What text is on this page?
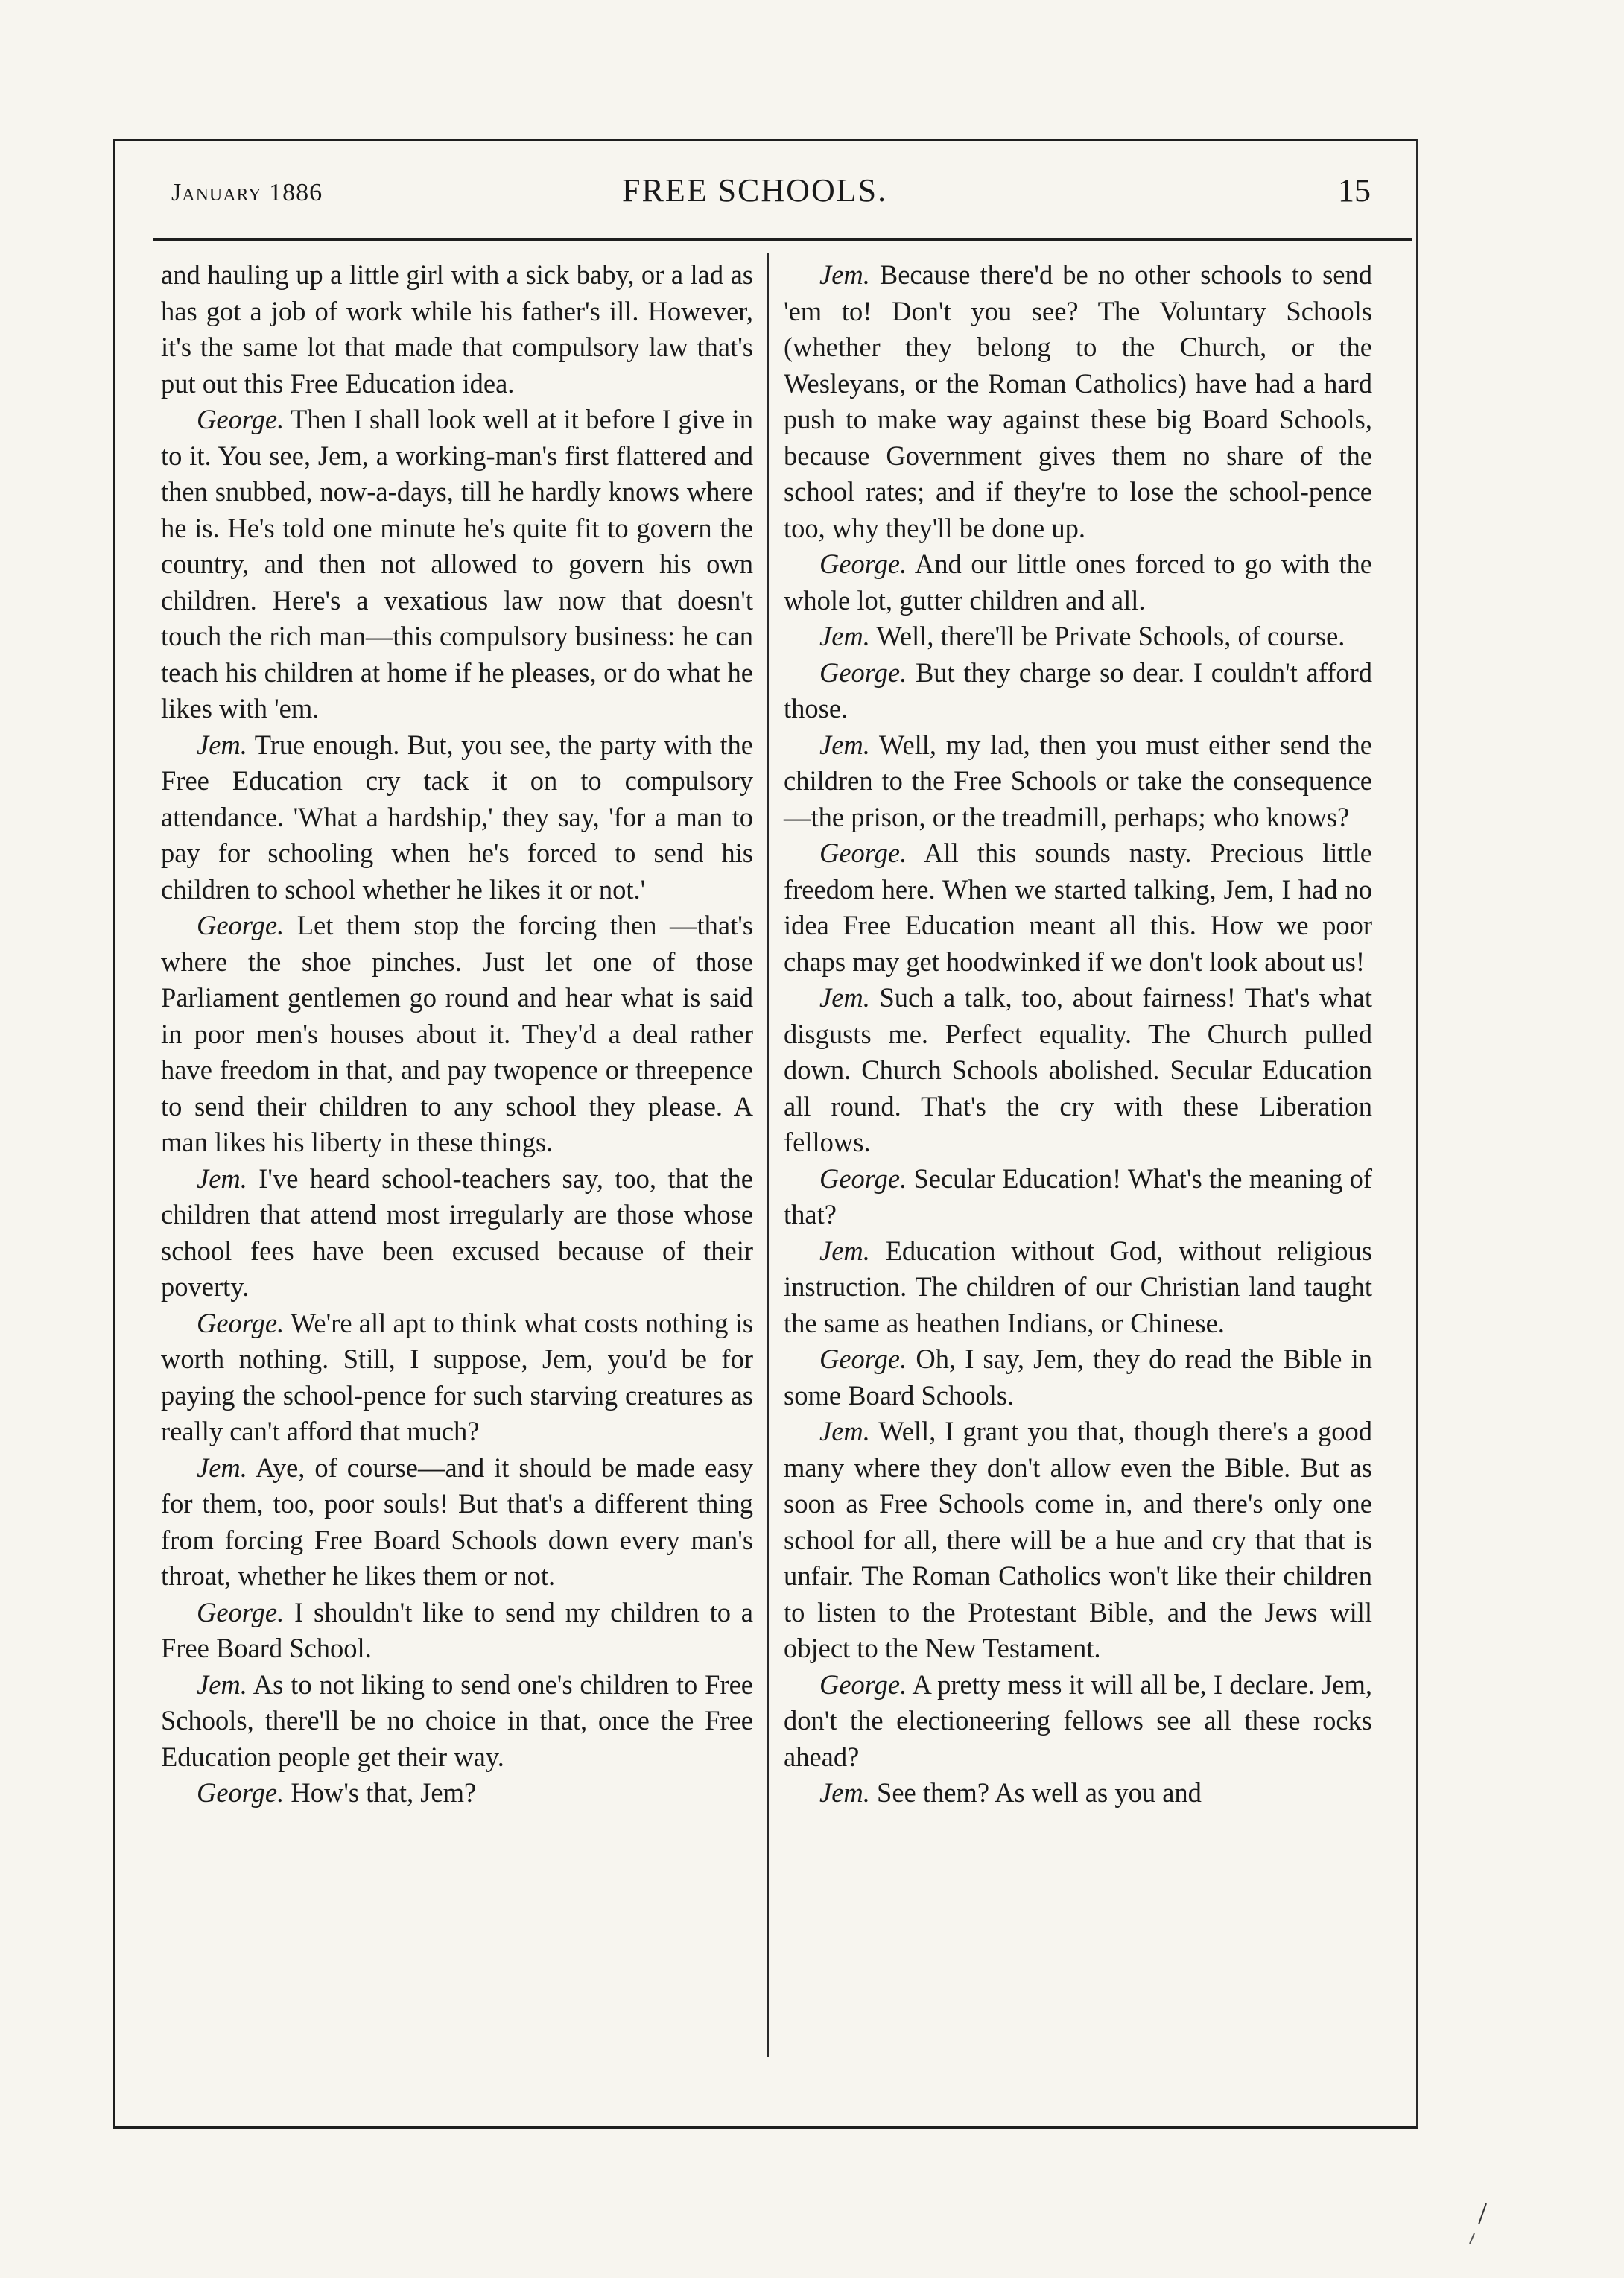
January 1886	FREE SCHOOLS.	15

and hauling up a little girl with a sick baby, or a lad as has got a job of work while his father's ill. However, it's the same lot that made that compulsory law that's put out this Free Education idea.

George. Then I shall look well at it before I give in to it. You see, Jem, a working-man's first flattered and then snubbed, now-a-days, till he hardly knows where he is. He's told one minute he's quite fit to govern the country, and then not allowed to govern his own children. Here's a vexatious law now that doesn't touch the rich man—this compulsory business: he can teach his children at home if he pleases, or do what he likes with 'em.

Jem. True enough. But, you see, the party with the Free Education cry tack it on to compulsory attendance. 'What a hardship,' they say, 'for a man to pay for schooling when he's forced to send his children to school whether he likes it or not.'

George. Let them stop the forcing then —that's where the shoe pinches. Just let one of those Parliament gentlemen go round and hear what is said in poor men's houses about it. They'd a deal rather have freedom in that, and pay twopence or threepence to send their children to any school they please. A man likes his liberty in these things.

Jem. I've heard school-teachers say, too, that the children that attend most irregularly are those whose school fees have been excused because of their poverty.

George. We're all apt to think what costs nothing is worth nothing. Still, I suppose, Jem, you'd be for paying the school-pence for such starving creatures as really can't afford that much?

Jem. Aye, of course—and it should be made easy for them, too, poor souls! But that's a different thing from forcing Free Board Schools down every man's throat, whether he likes them or not.

George. I shouldn't like to send my children to a Free Board School.

Jem. As to not liking to send one's children to Free Schools, there'll be no choice in that, once the Free Education people get their way.

George. How's that, Jem?

Jem. Because there'd be no other schools to send 'em to! Don't you see? The Voluntary Schools (whether they belong to the Church, or the Wesleyans, or the Roman Catholics) have had a hard push to make way against these big Board Schools, because Government gives them no share of the school rates; and if they're to lose the school-pence too, why they'll be done up.

George. And our little ones forced to go with the whole lot, gutter children and all.

Jem. Well, there'll be Private Schools, of course.

George. But they charge so dear. I couldn't afford those.

Jem. Well, my lad, then you must either send the children to the Free Schools or take the consequence—the prison, or the treadmill, perhaps; who knows?

George. All this sounds nasty. Precious little freedom here. When we started talking, Jem, I had no idea Free Education meant all this. How we poor chaps may get hoodwinked if we don't look about us!

Jem. Such a talk, too, about fairness! That's what disgusts me. Perfect equality. The Church pulled down. Church Schools abolished. Secular Education all round. That's the cry with these Liberation fellows.

George. Secular Education! What's the meaning of that?

Jem. Education without God, without religious instruction. The children of our Christian land taught the same as heathen Indians, or Chinese.

George. Oh, I say, Jem, they do read the Bible in some Board Schools.

Jem. Well, I grant you that, though there's a good many where they don't allow even the Bible. But as soon as Free Schools come in, and there's only one school for all, there will be a hue and cry that that is unfair. The Roman Catholics won't like their children to listen to the Protestant Bible, and the Jews will object to the New Testament.

George. A pretty mess it will all be, I declare. Jem, don't the electioneering fellows see all these rocks ahead?

Jem. See them? As well as you and
